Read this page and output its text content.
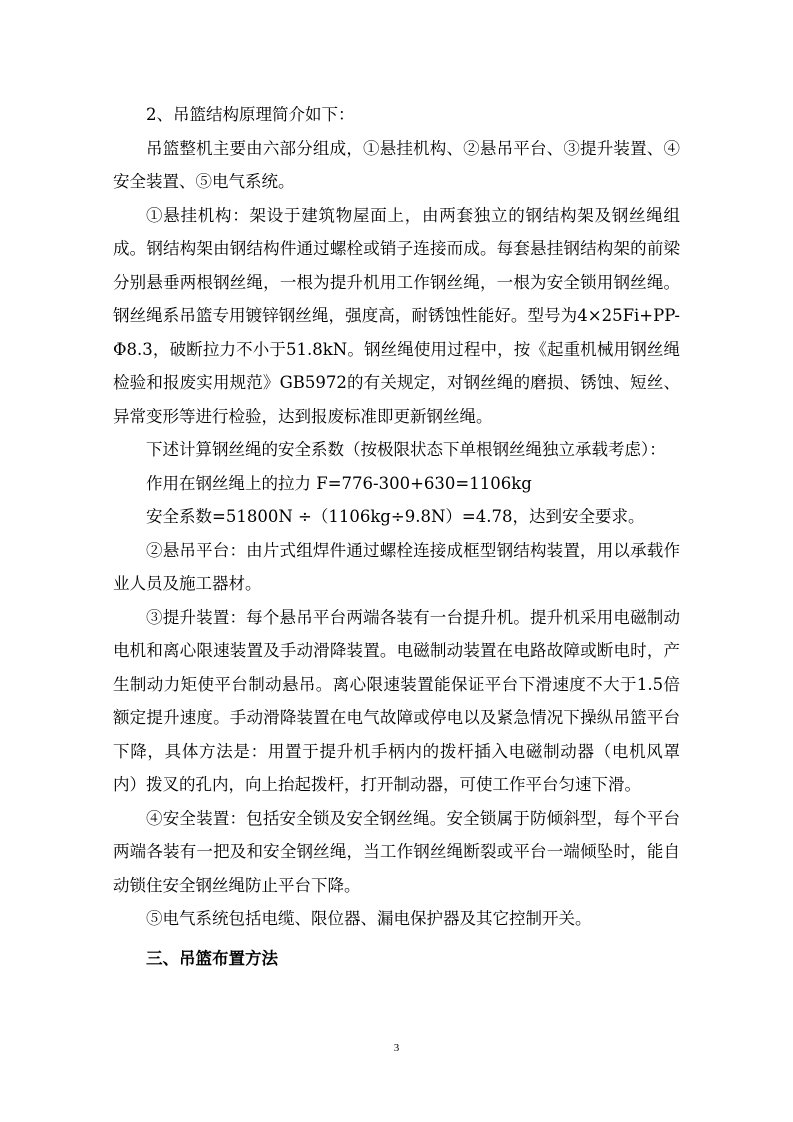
2、吊篮结构原理简介如下：

吊篮整机主要由六部分组成，①悬挂机构、②悬吊平台、③提升装置、④安全装置、⑤电气系统。

①悬挂机构：架设于建筑物屋面上，由两套独立的钢结构架及钢丝绳组成。钢结构架由钢结构件通过螺栓或销子连接而成。每套悬挂钢结构架的前梁分别悬垂两根钢丝绳，一根为提升机用工作钢丝绳，一根为安全锁用钢丝绳。钢丝绳系吊篮专用镀锌钢丝绳，强度高，耐锈蚀性能好。型号为4×25Fi+PP-Φ8.3，破断拉力不小于51.8kN。钢丝绳使用过程中，按《起重机械用钢丝绳检验和报废实用规范》GB5972的有关规定，对钢丝绳的磨损、锈蚀、短丝、异常变形等进行检验，达到报废标准即更新钢丝绳。

下述计算钢丝绳的安全系数（按极限状态下单根钢丝绳独立承载考虑）：

作用在钢丝绳上的拉力 F=776-300+630=1106kg

安全系数=51800N ÷（1106kg÷9.8N）=4.78，达到安全要求。

②悬吊平台：由片式组焊件通过螺栓连接成框型钢结构装置，用以承载作业人员及施工器材。

③提升装置：每个悬吊平台两端各装有一台提升机。提升机采用电磁制动电机和离心限速装置及手动滑降装置。电磁制动装置在电路故障或断电时，产生制动力矩使平台制动悬吊。离心限速装置能保证平台下滑速度不大于1.5倍额定提升速度。手动滑降装置在电气故障或停电以及紧急情况下操纵吊篮平台下降，具体方法是：用置于提升机手柄内的拨杆插入电磁制动器（电机风罩内）拨叉的孔内，向上抬起拨杆，打开制动器，可使工作平台匀速下滑。

④安全装置：包括安全锁及安全钢丝绳。安全锁属于防倾斜型，每个平台两端各装有一把及和安全钢丝绳，当工作钢丝绳断裂或平台一端倾坠时，能自动锁住安全钢丝绳防止平台下降。

⑤电气系统包括电缆、限位器、漏电保护器及其它控制开关。

三、吊篮布置方法

3
